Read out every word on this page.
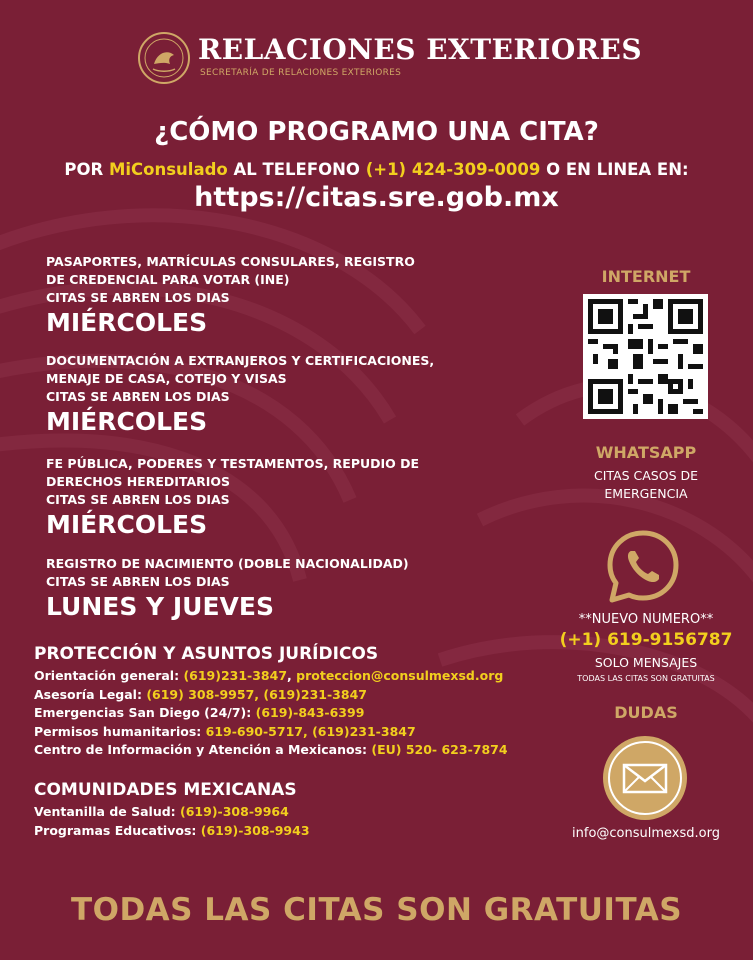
RELACIONES EXTERIORES
SECRETARÍA DE RELACIONES EXTERIORES
¿CÓMO PROGRAMO UNA CITA?
POR MiConsulado AL TELEFONO (+1) 424-309-0009 O EN LINEA EN:
https://citas.sre.gob.mx
PASAPORTES, MATRÍCULAS CONSULARES, REGISTRO
DE CREDENCIAL PARA VOTAR (INE)
CITAS SE ABREN LOS DIAS
MIÉRCOLES
DOCUMENTACIÓN A EXTRANJEROS Y CERTIFICACIONES,
MENAJE DE CASA, COTEJO Y VISAS
CITAS SE ABREN LOS DIAS
MIÉRCOLES
FE PÚBLICA, PODERES Y TESTAMENTOS, REPUDIO DE
DERECHOS HEREDITARIOS
CITAS SE ABREN LOS DIAS
MIÉRCOLES
REGISTRO DE NACIMIENTO (DOBLE NACIONALIDAD)
CITAS SE ABREN LOS DIAS
LUNES Y JUEVES
INTERNET
WHATSAPP
CITAS CASOS DE
EMERGENCIA
**NUEVO NUMERO**
(+1) 619-9156787
SOLO MENSAJES
TODAS LAS CITAS SON GRATUITAS
DUDAS
info@consulmexsd.org
PROTECCIÓN Y ASUNTOS JURÍDICOS
Orientación general: (619)231-3847, proteccion@consulmexsd.org
Asesoría Legal: (619) 308-9957, (619)231-3847
Emergencias San Diego (24/7): (619)-843-6399
Permisos humanitarios: 619-690-5717, (619)231-3847
Centro de Información y Atención a Mexicanos: (EU) 520- 623-7874
COMUNIDADES MEXICANAS
Ventanilla de Salud: (619)-308-9964
Programas Educativos: (619)-308-9943
TODAS LAS CITAS SON GRATUITAS
